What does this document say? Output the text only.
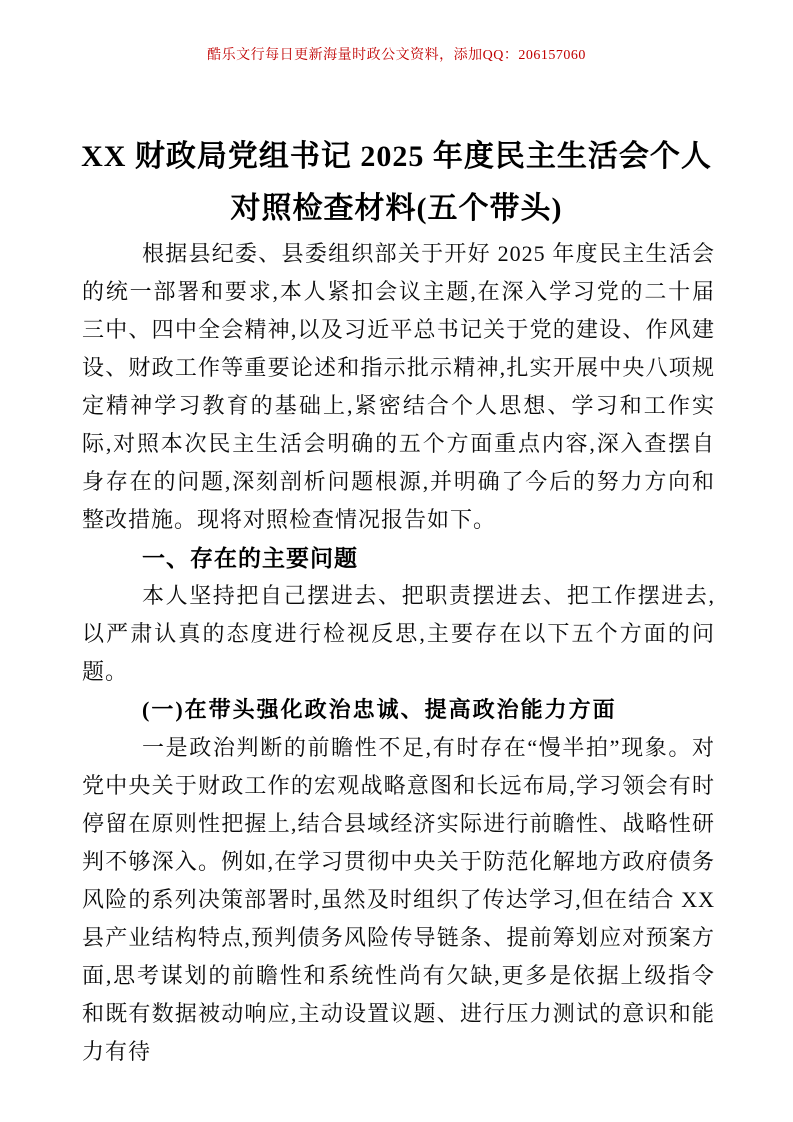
酷乐文行每日更新海量时政公文资料，添加QQ：206157060
XX 财政局党组书记 2025 年度民主生活会个人
对照检查材料(五个带头)

根据县纪委、县委组织部关于开好 2025 年度民主生活会的统一部署和要求,本人紧扣会议主题,在深入学习党的二十届三中、四中全会精神,以及习近平总书记关于党的建设、作风建设、财政工作等重要论述和指示批示精神,扎实开展中央八项规定精神学习教育的基础上,紧密结合个人思想、学习和工作实际,对照本次民主生活会明确的五个方面重点内容,深入查摆自身存在的问题,深刻剖析问题根源,并明确了今后的努力方向和整改措施。现将对照检查情况报告如下。

一、存在的主要问题

本人坚持把自己摆进去、把职责摆进去、把工作摆进去,以严肃认真的态度进行检视反思,主要存在以下五个方面的问题。

(一)在带头强化政治忠诚、提高政治能力方面

一是政治判断的前瞻性不足,有时存在“慢半拍”现象。对党中央关于财政工作的宏观战略意图和长远布局,学习领会有时停留在原则性把握上,结合县域经济实际进行前瞻性、战略性研判不够深入。例如,在学习贯彻中央关于防范化解地方政府债务风险的系列决策部署时,虽然及时组织了传达学习,但在结合 XX 县产业结构特点,预判债务风险传导链条、提前筹划应对预案方面,思考谋划的前瞻性和系统性尚有欠缺,更多是依据上级指令和既有数据被动响应,主动设置议题、进行压力测试的意识和能力有待
